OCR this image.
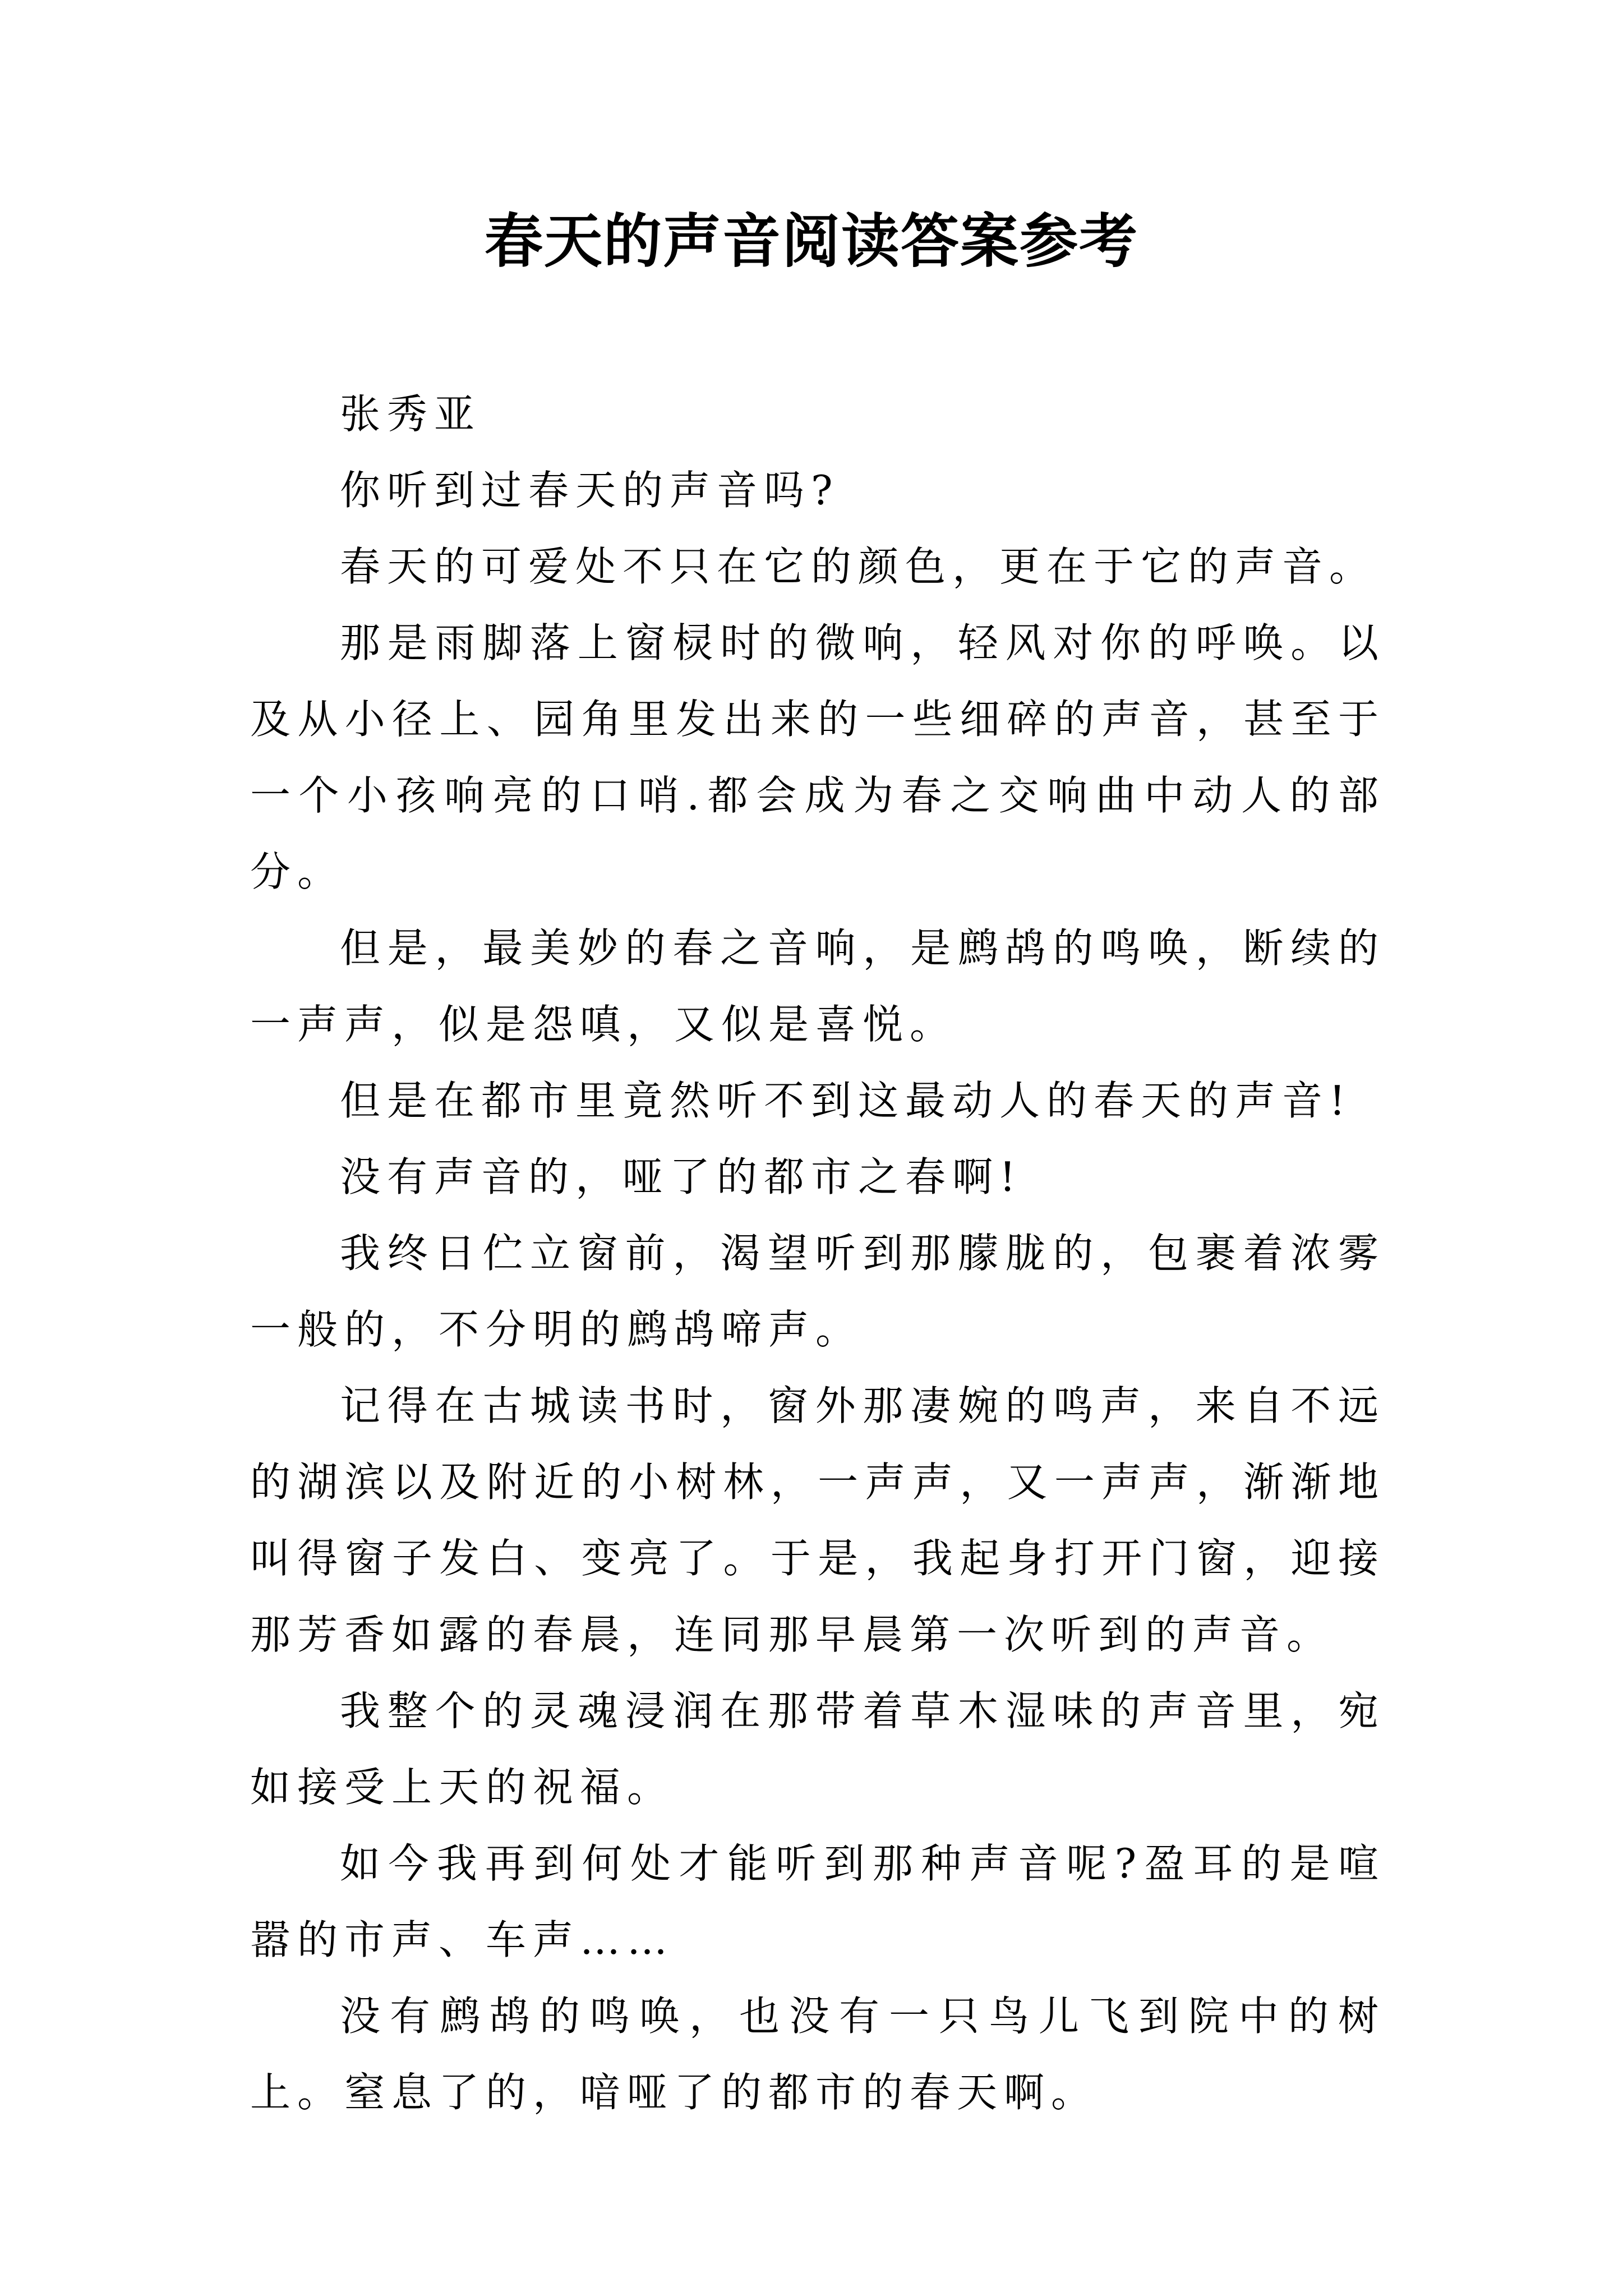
春天的声音阅读答案参考

张秀亚

你听到过春天的声音吗?

春天的可爱处不只在它的颜色，更在于它的声音。

那是雨脚落上窗棂时的微响，轻风对你的呼唤。以及从小径上、园角里发出来的一些细碎的声音，甚至于一个小孩响亮的口哨.都会成为春之交响曲中动人的部分。

但是，最美妙的春之音响，是鹧鸪的鸣唤，断续的一声声，似是怨嗔，又似是喜悦。

但是在都市里竟然听不到这最动人的春天的声音!

没有声音的，哑了的都市之春啊!

我终日伫立窗前，渴望听到那朦胧的，包裹着浓雾一般的，不分明的鹧鸪啼声。

记得在古城读书时，窗外那凄婉的鸣声，来自不远的湖滨以及附近的小树林，一声声，又一声声，渐渐地叫得窗子发白、变亮了。于是，我起身打开门窗，迎接那芳香如露的春晨，连同那早晨第一次听到的声音。

我整个的灵魂浸润在那带着草木湿味的声音里，宛如接受上天的祝福。

如今我再到何处才能听到那种声音呢?盈耳的是喧嚣的市声、车声……

没有鹧鸪的鸣唤，也没有一只鸟儿飞到院中的树上。窒息了的，喑哑了的都市的春天啊。
